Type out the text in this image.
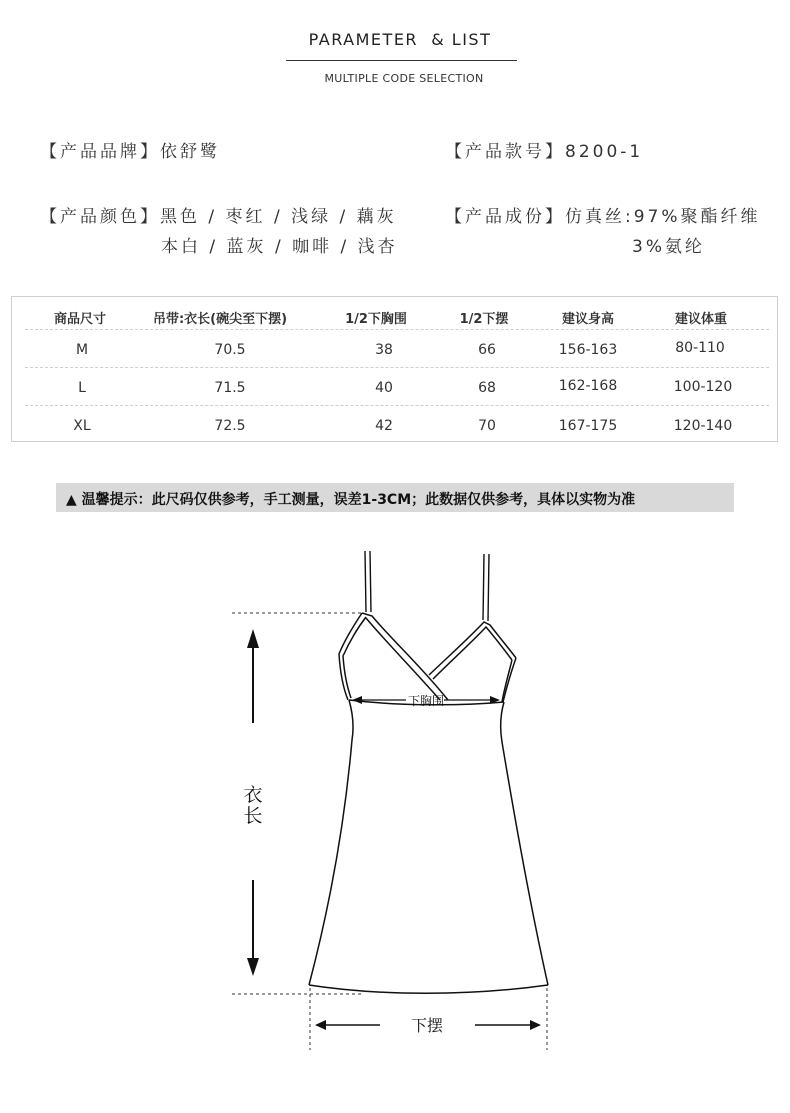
PARAMETER  & LIST
MULTIPLE CODE SELECTION
【产品品牌】依舒鹭	【产品款号】8200-1
【产品颜色】黑色 / 枣红 / 浅绿 / 藕灰
本白 / 蓝灰 / 咖啡 / 浅杏
【产品成份】仿真丝:97%聚酯纤维
3%氨纶
商品尺寸	吊带:衣长(碗尖至下摆)	1/2下胸围	1/2下摆	建议身高	建议体重
M	70.5	38	66	156-163	80-110
L	71.5	40	68	162-168	100-120
XL	72.5	42	70	167-175	120-140
▲ 温馨提示：此尺码仅供参考，手工测量，误差1-3CM；此数据仅供参考，具体以实物为准
衣
长
下胸围
下摆
